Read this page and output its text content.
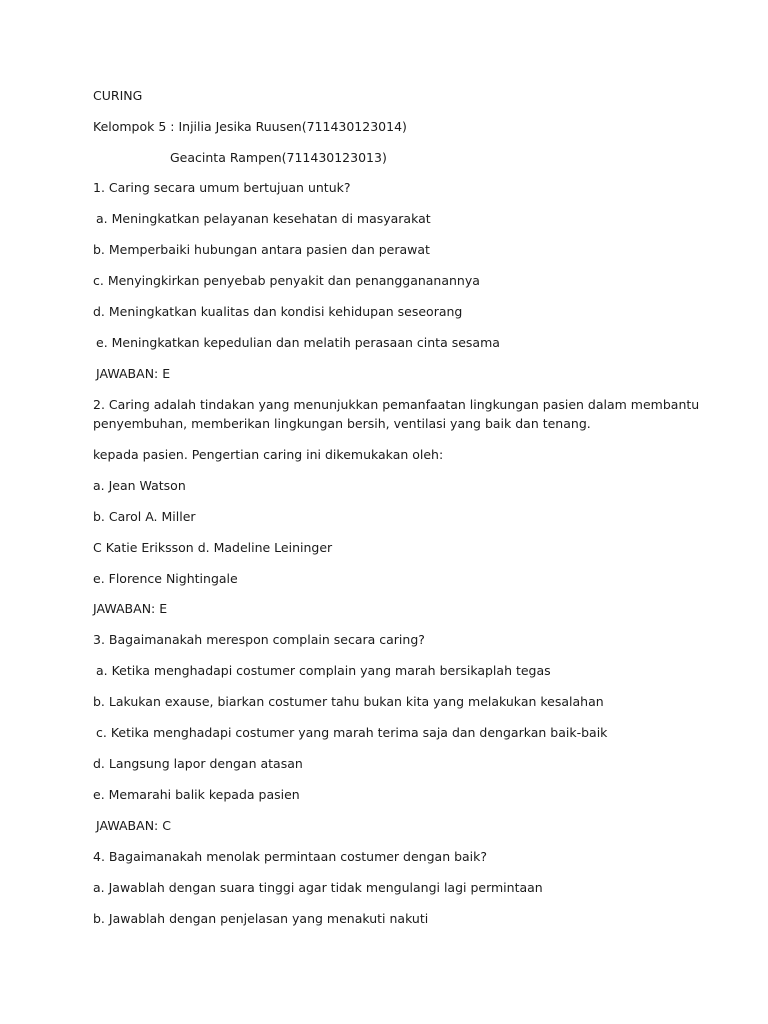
CURING
Kelompok 5 : Injilia Jesika Ruusen(711430123014)
Geacinta Rampen(711430123013)
1. Caring secara umum bertujuan untuk?
a. Meningkatkan pelayanan kesehatan di masyarakat
b. Memperbaiki hubungan antara pasien dan perawat
c. Menyingkirkan penyebab penyakit dan penanggananannya
d. Meningkatkan kualitas dan kondisi kehidupan seseorang
e. Meningkatkan kepedulian dan melatih perasaan cinta sesama
JAWABAN: E
2. Caring adalah tindakan yang menunjukkan pemanfaatan lingkungan pasien dalam membantu
penyembuhan, memberikan lingkungan bersih, ventilasi yang baik dan tenang.
kepada pasien. Pengertian caring ini dikemukakan oleh:
a. Jean Watson
b. Carol A. Miller
C Katie Eriksson d. Madeline Leininger
e. Florence Nightingale
JAWABAN: E
3. Bagaimanakah merespon complain secara caring?
a. Ketika menghadapi costumer complain yang marah bersikaplah tegas
b. Lakukan exause, biarkan costumer tahu bukan kita yang melakukan kesalahan
c. Ketika menghadapi costumer yang marah terima saja dan dengarkan baik-baik
d. Langsung lapor dengan atasan
e. Memarahi balik kepada pasien
JAWABAN: C
4. Bagaimanakah menolak permintaan costumer dengan baik?
a. Jawablah dengan suara tinggi agar tidak mengulangi lagi permintaan
b. Jawablah dengan penjelasan yang menakuti nakuti
